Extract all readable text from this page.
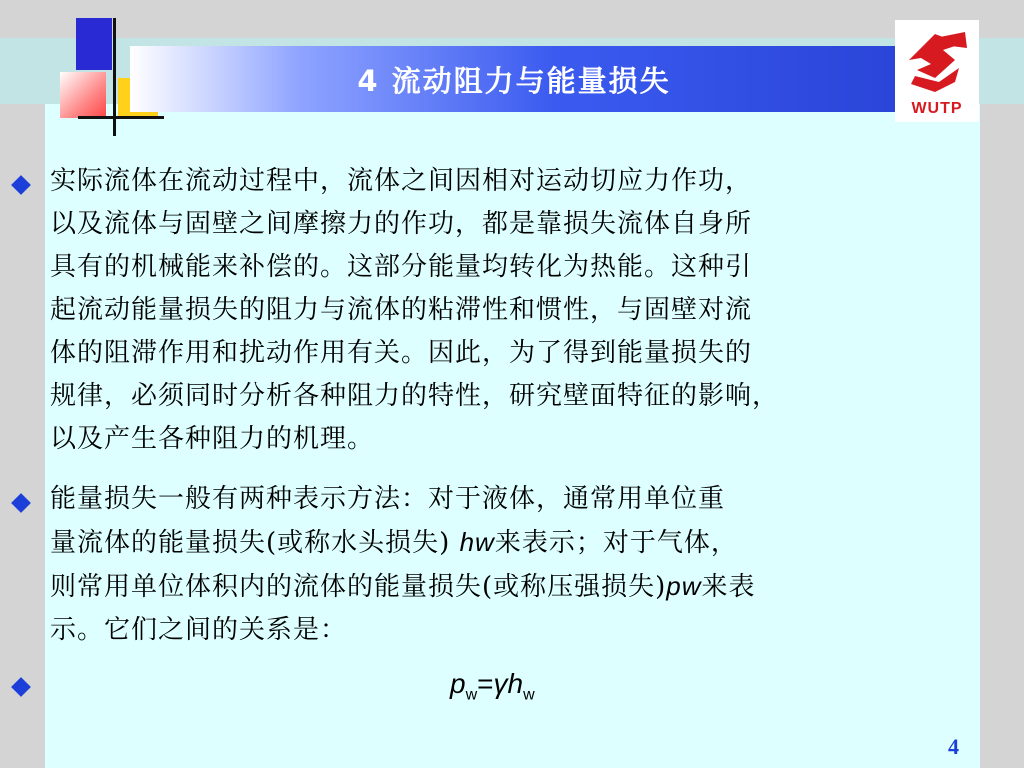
4 流动阻力与能量损失
WUTP
实际流体在流动过程中，流体之间因相对运动切应力作功，
以及流体与固壁之间摩擦力的作功，都是靠损失流体自身所
具有的机械能来补偿的。这部分能量均转化为热能。这种引
起流动能量损失的阻力与流体的粘滞性和惯性，与固壁对流
体的阻滞作用和扰动作用有关。因此，为了得到能量损失的
规律，必须同时分析各种阻力的特性，研究壁面特征的影响，
以及产生各种阻力的机理。
能量损失一般有两种表示方法：对于液体，通常用单位重
量流体的能量损失(或称水头损失) hw来表示；对于气体，
则常用单位体积内的流体的能量损失(或称压强损失)pw来表
示。它们之间的关系是：
$p_w=\gamma h_w$
4
